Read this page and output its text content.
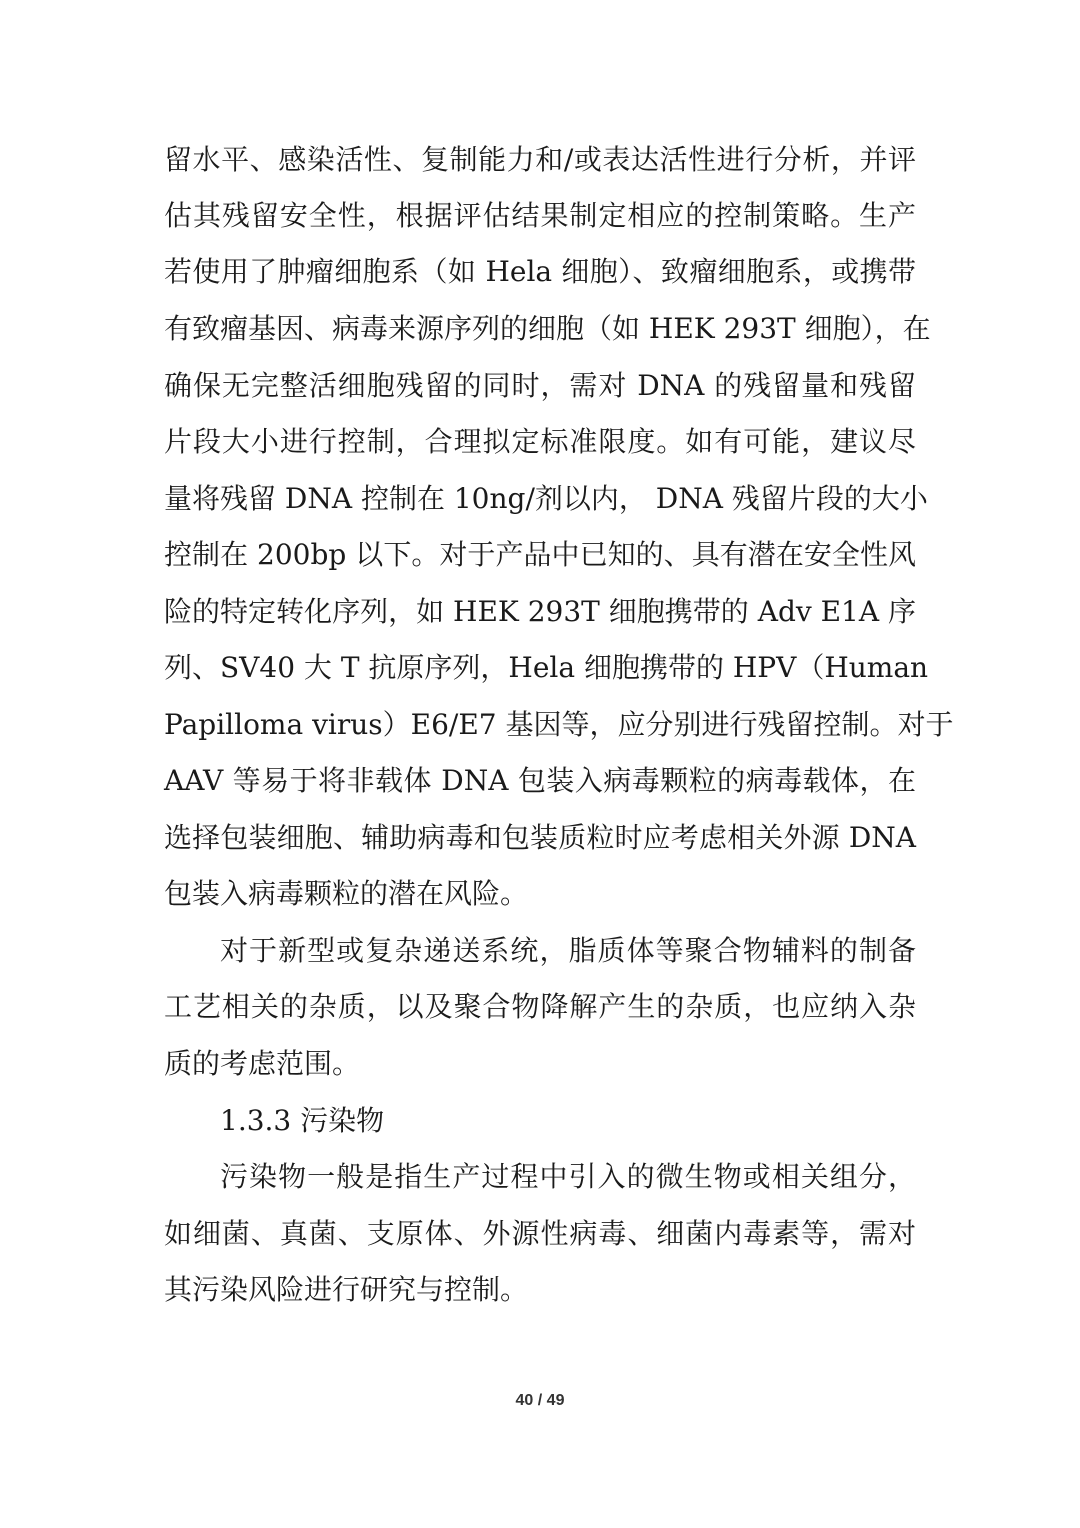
留水平、感染活性、复制能力和/或表达活性进行分析，并评
估其残留安全性，根据评估结果制定相应的控制策略。生产
若使用了肿瘤细胞系（如 Hela 细胞）、致瘤细胞系，或携带
有致瘤基因、病毒来源序列的细胞（如 HEK 293T 细胞），在
确保无完整活细胞残留的同时，需对 DNA 的残留量和残留
片段大小进行控制，合理拟定标准限度。如有可能，建议尽
量将残留 DNA 控制在 10ng/剂以内， DNA 残留片段的大小
控制在 200bp 以下。对于产品中已知的、具有潜在安全性风
险的特定转化序列，如 HEK 293T 细胞携带的 Adv E1A 序
列、SV40 大 T 抗原序列，Hela 细胞携带的 HPV（Human
Papilloma virus）E6/E7 基因等，应分别进行残留控制。对于
AAV 等易于将非载体 DNA 包装入病毒颗粒的病毒载体，在
选择包装细胞、辅助病毒和包装质粒时应考虑相关外源 DNA
包装入病毒颗粒的潜在风险。
对于新型或复杂递送系统，脂质体等聚合物辅料的制备
工艺相关的杂质，以及聚合物降解产生的杂质，也应纳入杂
质的考虑范围。
1.3.3 污染物
污染物一般是指生产过程中引入的微生物或相关组分，
如细菌、真菌、支原体、外源性病毒、细菌内毒素等，需对
其污染风险进行研究与控制。
40 / 49
